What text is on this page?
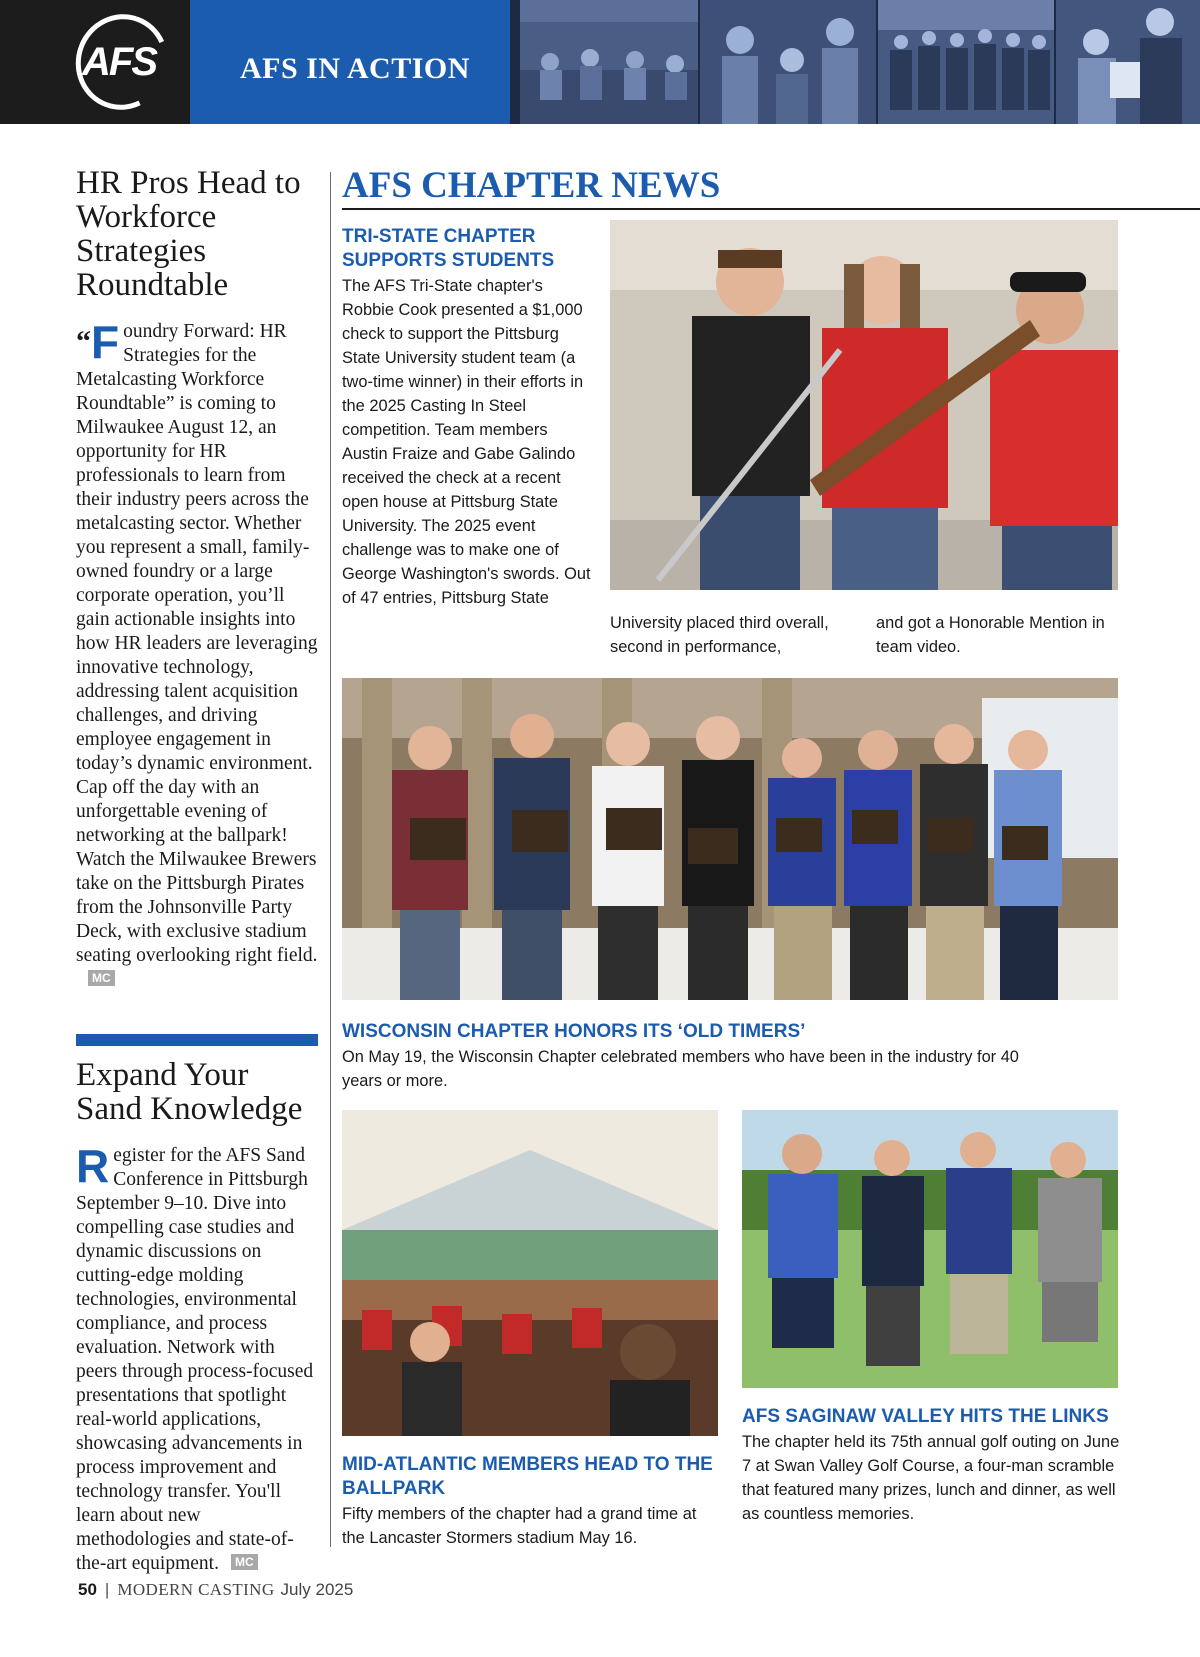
AFS	AFS IN ACTION
HR Pros Head to Workforce Strategies Roundtable

“F oundry Forward: HR Strategies for the Metalcasting Workforce Roundtable” is coming to Milwaukee August 12, an opportunity for HR professionals to learn from their industry peers across the metalcasting sector. Whether you represent a small, family-owned foundry or a large corporate operation, you’ll gain actionable insights into how HR leaders are leveraging innovative technology, addressing talent acquisition challenges, and driving employee engagement in today’s dynamic environment. Cap off the day with an unforgettable evening of networking at the ballpark! Watch the Milwaukee Brewers take on the Pittsburgh Pirates from the Johnsonville Party Deck, with exclusive stadium seating overlooking right field.MC

Expand Your Sand Knowledge

Register for the AFS Sand Conference in Pittsburgh September 9–10. Dive into compelling case studies and dynamic discussions on cutting-edge molding technologies, environmental compliance, and process evaluation. Network with peers through process-focused presentations that spotlight real-world applications, showcasing advancements in process improvement and technology transfer. You'll learn about new methodologies and state-of-the-art equipment. MC

AFS CHAPTER NEWS
TRI-STATE CHAPTER SUPPORTS STUDENTS
The AFS Tri-State chapter's Robbie Cook presented a $1,000 check to support the Pittsburg State University student team (a two-time winner) in their efforts in the 2025 Casting In Steel competition. Team members Austin Fraize and Gabe Galindo received the check at a recent open house at Pittsburg State University. The 2025 event challenge was to make one of George Washington's swords. Out of 47 entries, Pittsburg State
University placed third overall, second in performance,
and got a Honorable Mention in team video.
WISCONSIN CHAPTER HONORS ITS ‘OLD TIMERS’
On May 19, the Wisconsin Chapter celebrated members who have been in the industry for 40 years or more.
MID-ATLANTIC MEMBERS HEAD TO THE BALLPARK
Fifty members of the chapter had a grand time at the Lancaster Stormers stadium May 16.
AFS SAGINAW VALLEY HITS THE LINKS
The chapter held its 75th annual golf outing on June 7 at Swan Valley Golf Course, a four-man scramble that featured many prizes, lunch and dinner, as well as countless memories.
50 | MODERN CASTING July 2025
